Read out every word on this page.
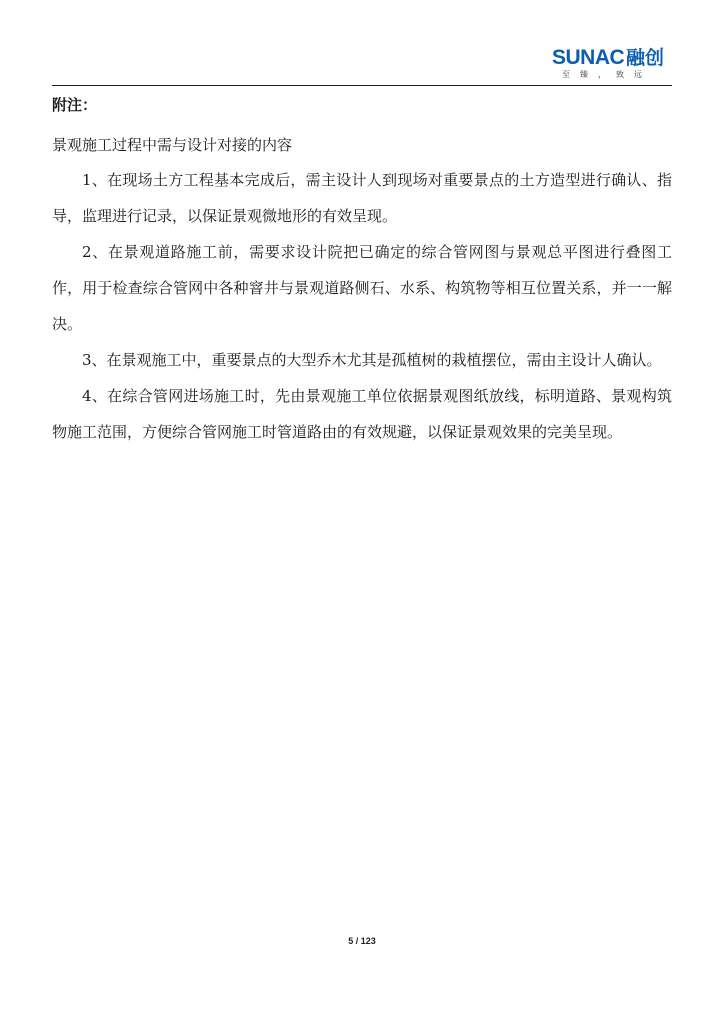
SUNAC 融创
至臻，致远

附注：

景观施工过程中需与设计对接的内容

1、在现场土方工程基本完成后，需主设计人到现场对重要景点的土方造型进行确认、指导，监理进行记录，以保证景观微地形的有效呈现。

2、在景观道路施工前，需要求设计院把已确定的综合管网图与景观总平图进行叠图工作，用于检查综合管网中各种窨井与景观道路侧石、水系、构筑物等相互位置关系，并一一解决。

3、在景观施工中，重要景点的大型乔木尤其是孤植树的栽植摆位，需由主设计人确认。

4、在综合管网进场施工时，先由景观施工单位依据景观图纸放线，标明道路、景观构筑物施工范围，方便综合管网施工时管道路由的有效规避，以保证景观效果的完美呈现。

5 / 123
